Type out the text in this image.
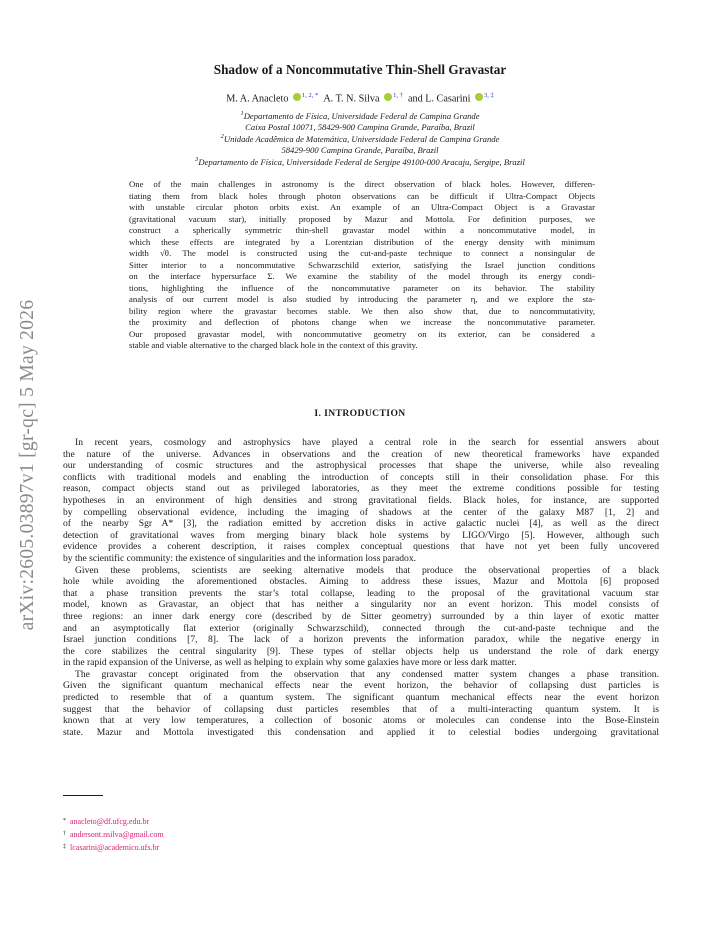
arXiv:2605.03897v1 [gr-qc] 5 May 2026
Shadow of a Noncommutative Thin-Shell Gravastar
M. A. Anacleto $^{1, 2, *}$ A. T. N. Silva $^{1, \dagger}$ and L. Casarini $^{3, \ddagger}$
$^1$Departamento de Física, Universidade Federal de Campina Grande
Caixa Postal 10071, 58429-900 Campina Grande, Paraíba, Brazil
$^2$Unidade Acadêmica de Matemática, Universidade Federal de Campina Grande
58429-900 Campina Grande, Paraíba, Brazil
$^3$Departamento de Física, Universidade Federal de Sergipe 49100-000 Aracaju, Sergipe, Brazil
One of the main challenges in astronomy is the direct observation of black holes. However, differen-
tiating them from black holes through photon observations can be difficult if Ultra-Compact Objects
with unstable circular photon orbits exist. An example of an Ultra-Compact Object is a Gravastar
(gravitational vacuum star), initially proposed by Mazur and Mottola. For definition purposes, we
construct a spherically symmetric thin-shell gravastar model within a noncommutative model, in
which these effects are integrated by a Lorentzian distribution of the energy density with minimum
width √θ. The model is constructed using the cut-and-paste technique to connect a nonsingular de
Sitter interior to a noncommutative Schwarzschild exterior, satisfying the Israel junction conditions
on the interface hypersurface Σ. We examine the stability of the model through its energy condi-
tions, highlighting the influence of the noncommutative parameter on its behavior. The stability
analysis of our current model is also studied by introducing the parameter η, and we explore the sta-
bility region where the gravastar becomes stable. We then also show that, due to noncommutativity,
the proximity and deflection of photons change when we increase the noncommutative parameter.
Our proposed gravastar model, with noncommutative geometry on its exterior, can be considered a
stable and viable alternative to the charged black hole in the context of this gravity.
I. INTRODUCTION
In recent years, cosmology and astrophysics have played a central role in the search for essential answers about
the nature of the universe. Advances in observations and the creation of new theoretical frameworks have expanded
our understanding of cosmic structures and the astrophysical processes that shape the universe, while also revealing
conflicts with traditional models and enabling the introduction of concepts still in their consolidation phase. For this
reason, compact objects stand out as privileged laboratories, as they meet the extreme conditions possible for testing
hypotheses in an environment of high densities and strong gravitational fields. Black holes, for instance, are supported
by compelling observational evidence, including the imaging of shadows at the center of the galaxy M87 [1, 2] and
of the nearby Sgr A* [3], the radiation emitted by accretion disks in active galactic nuclei [4], as well as the direct
detection of gravitational waves from merging binary black hole systems by LIGO/Virgo [5]. However, although such
evidence provides a coherent description, it raises complex conceptual questions that have not yet been fully uncovered
by the scientific community: the existence of singularities and the information loss paradox.
Given these problems, scientists are seeking alternative models that produce the observational properties of a black
hole while avoiding the aforementioned obstacles. Aiming to address these issues, Mazur and Mottola [6] proposed
that a phase transition prevents the star’s total collapse, leading to the proposal of the gravitational vacuum star
model, known as Gravastar, an object that has neither a singularity nor an event horizon. This model consists of
three regions: an inner dark energy core (described by de Sitter geometry) surrounded by a thin layer of exotic matter
and an asymptotically flat exterior (originally Schwarzschild), connected through the cut-and-paste technique and the
Israel junction conditions [7, 8]. The lack of a horizon prevents the information paradox, while the negative energy in
the core stabilizes the central singularity [9]. These types of stellar objects help us understand the role of dark energy
in the rapid expansion of the Universe, as well as helping to explain why some galaxies have more or less dark matter.
The gravastar concept originated from the observation that any condensed matter system changes a phase transition.
Given the significant quantum mechanical effects near the event horizon, the behavior of collapsing dust particles is
predicted to resemble that of a quantum system. The significant quantum mechanical effects near the event horizon
suggest that the behavior of collapsing dust particles resembles that of a multi-interacting quantum system. It is
known that at very low temperatures, a collection of bosonic atoms or molecules can condense into the Bose-Einstein
state. Mazur and Mottola investigated this condensation and applied it to celestial bodies undergoing gravitational
* anacleto@df.ufcg.edu.br
† andersont.nsilva@gmail.com
‡ lcasarini@academico.ufs.br
